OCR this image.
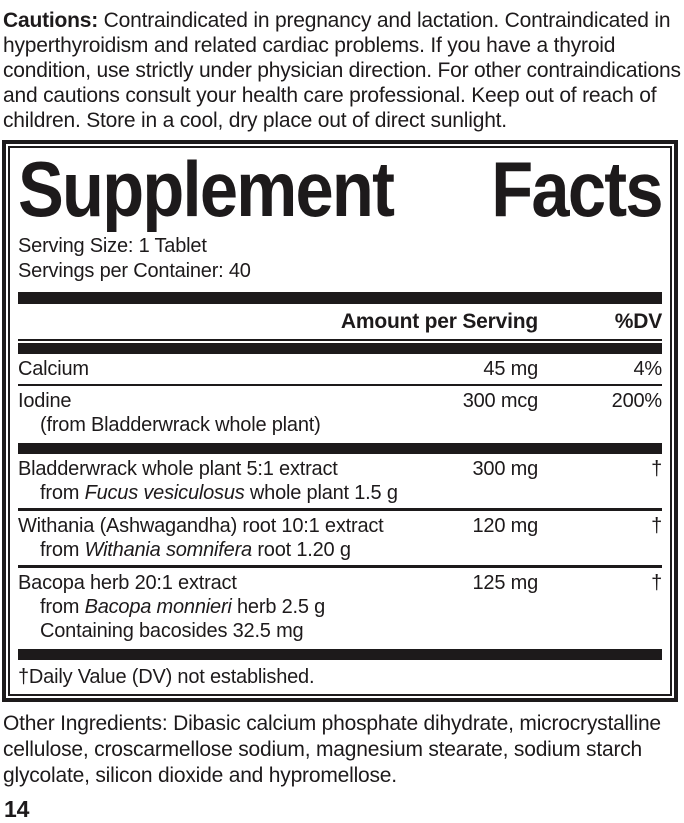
Cautions: Contraindicated in pregnancy and lactation. Contraindicated in hyperthyroidism and related cardiac problems. If you have a thyroid condition, use strictly under physician direction. For other contraindications and cautions consult your health care professional. Keep out of reach of children. Store in a cool, dry place out of direct sunlight.
Supplement Facts
Serving Size: 1 Tablet
Servings per Container: 40
Amount per Serving	%DV
Calcium	45 mg	4%
Iodine	300 mcg	200%
(from Bladderwrack whole plant)
Bladderwrack whole plant 5:1 extract	300 mg	†
from Fucus vesiculosus whole plant 1.5 g
Withania (Ashwagandha) root 10:1 extract	120 mg	†
from Withania somnifera root 1.20 g
Bacopa herb 20:1 extract	125 mg	†
from Bacopa monnieri herb 2.5 g
Containing bacosides 32.5 mg
†Daily Value (DV) not established.
Other Ingredients: Dibasic calcium phosphate dihydrate, microcrystalline cellulose, croscarmellose sodium, magnesium stearate, sodium starch glycolate, silicon dioxide and hypromellose.
14
